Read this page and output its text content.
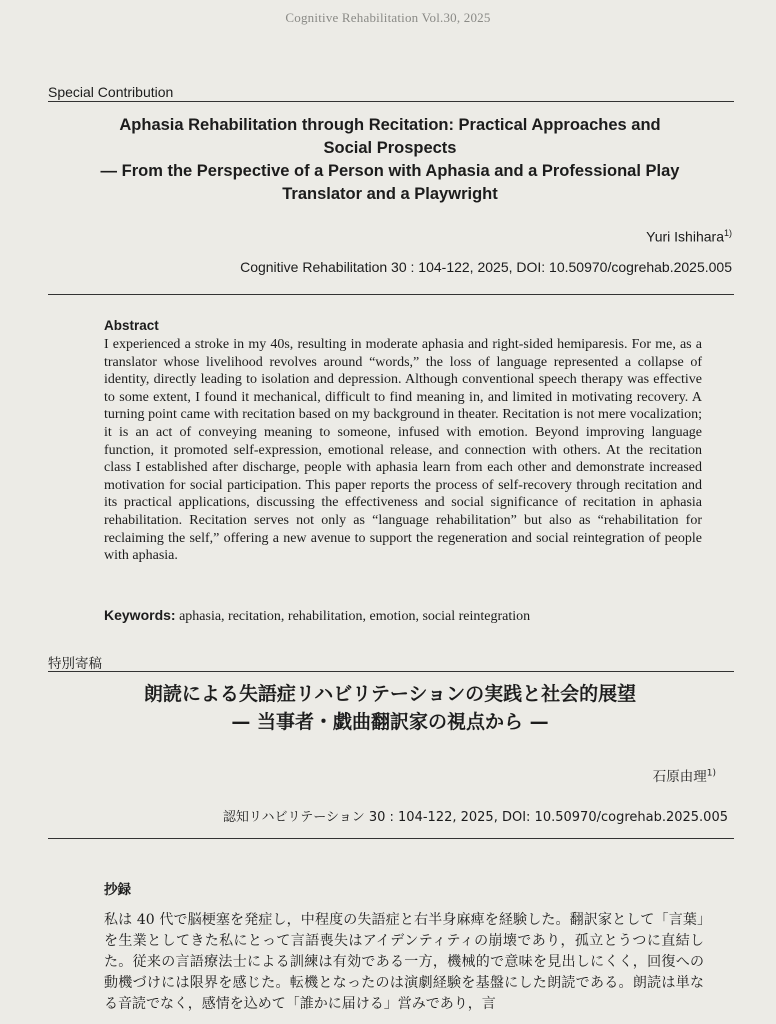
Cognitive Rehabilitation Vol.30, 2025
Special Contribution
Aphasia Rehabilitation through Recitation: Practical Approaches and
Social Prospects
— From the Perspective of a Person with Aphasia and a Professional Play
Translator and a Playwright
Yuri Ishihara$^{1)}$
Cognitive Rehabilitation 30 : 104-122, 2025, DOI: 10.50970/cogrehab.2025.005
Abstract
I experienced a stroke in my 40s, resulting in moderate aphasia and right-sided hemiparesis. For me, as a translator whose livelihood revolves around “words,” the loss of language represented a collapse of identity, directly leading to isolation and depression. Although conventional speech therapy was effective to some extent, I found it mechanical, difficult to find meaning in, and limited in motivating recovery. A turning point came with recitation based on my background in theater. Recitation is not mere vocalization; it is an act of conveying meaning to someone, infused with emotion. Beyond improving language function, it promoted self-expression, emotional release, and connection with others. At the recitation class I established after discharge, people with aphasia learn from each other and demonstrate increased motivation for social participation. This paper reports the process of self-recovery through recitation and its practical applications, discussing the effectiveness and social significance of recitation in aphasia rehabilitation. Recitation serves not only as “language rehabilitation” but also as “rehabilitation for reclaiming the self,” offering a new avenue to support the regeneration and social reintegration of people with aphasia.
Keywords: aphasia, recitation, rehabilitation, emotion, social reintegration
特別寄稿
朗読による失語症リハビリテーションの実践と社会的展望
— 当事者・戯曲翻訳家の視点から —
石原由理$^{1)}$
認知リハビリテーション 30 : 104-122, 2025, DOI: 10.50970/cogrehab.2025.005
抄録
私は 40 代で脳梗塞を発症し，中程度の失語症と右半身麻痺を経験した。翻訳家として「言葉」を生業としてきた私にとって言語喪失はアイデンティティの崩壊であり，孤立とうつに直結した。従来の言語療法士による訓練は有効である一方，機械的で意味を見出しにくく，回復への動機づけには限界を感じた。転機となったのは演劇経験を基盤にした朗読である。朗読は単なる音読でなく，感情を込めて「誰かに届ける」営みであり，言
